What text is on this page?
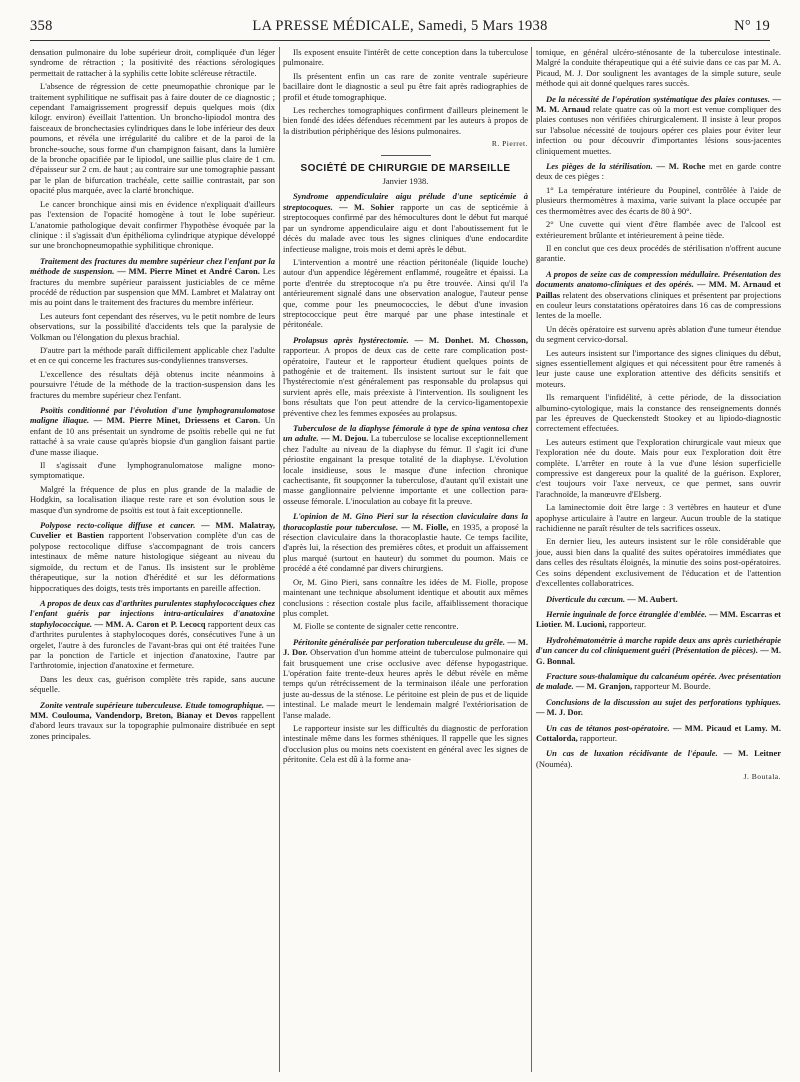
358	LA PRESSE MÉDICALE, Samedi, 5 Mars 1938	N° 19

densation pulmonaire du lobe supérieur droit, compliquée d'un léger syndrome de rétraction ; la positivité des réactions sérologiques permettait de rattacher à la syphilis cette lobite scléreuse rétractile.

L'absence de régression de cette pneumopathie chronique par le traitement syphilitique ne suffisait pas à faire douter de ce diagnostic ; cependant l'amaigrissement progressif depuis quelques mois (dix kilogr. environ) éveillait l'attention. Un broncho-lipiodol montra des faisceaux de bronchectasies cylindriques dans le lobe inférieur des deux poumons, et révéla une irrégularité du calibre et de la paroi de la bronche-souche, sous forme d'un champignon faisant, dans la lumière de la bronche opacifiée par le lipiodol, une saillie plus claire de 1 cm. d'épaisseur sur 2 cm. de haut ; au contraire sur une tomographie passant par le plan de bifurcation trachéale, cette saillie contrastait, par son opacité plus marquée, avec la clarté bronchique.

Le cancer bronchique ainsi mis en évidence n'expliquait d'ailleurs pas l'extension de l'opacité homogène à tout le lobe supérieur. L'anatomie pathologique devait confirmer l'hypothèse évoquée par la clinique : il s'agissait d'un épithélioma cylindrique atypique développé sur une bronchopneumopathie syphilitique chronique.

Traitement des fractures du membre supérieur chez l'enfant par la méthode de suspension. — MM. Pierre Minet et André Caron. Les fractures du membre supérieur paraissent justiciables de ce même procédé de réduction par suspension que MM. Lambret et Malatray ont mis au point dans le traitement des fractures du membre inférieur.

Les auteurs font cependant des réserves, vu le petit nombre de leurs observations, sur la possibilité d'accidents tels que la paralysie de Volkman ou l'élongation du plexus brachial.

D'autre part la méthode paraît difficilement applicable chez l'adulte et en ce qui concerne les fractures sus-condyliennes transverses.

L'excellence des résultats déjà obtenus incite néanmoins à poursuivre l'étude de la méthode de la traction-suspension dans les fractures du membre supérieur chez l'enfant.

Psoïtis conditionné par l'évolution d'une lymphogranulomatose maligne iliaque. — MM. Pierre Minet, Driessens et Caron. Un enfant de 10 ans présentait un syndrome de psoïtis rebelle qui ne fut rattaché à sa vraie cause qu'après biopsie d'un ganglion faisant partie d'une masse iliaque.

Il s'agissait d'une lymphogranulomatose maligne mono-symptomatique.

Malgré la fréquence de plus en plus grande de la maladie de Hodgkin, sa localisation iliaque reste rare et son évolution sous le masque d'un syndrome de psoïtis est tout à fait exceptionnelle.

Polypose recto-colique diffuse et cancer. — MM. Malatray, Cuvelier et Bastien rapportent l'observation complète d'un cas de polypose rectocolique diffuse s'accompagnant de trois cancers intestinaux de même nature histologique siégeant au niveau du sigmoïde, du rectum et de l'anus. Ils insistent sur le problème thérapeutique, sur la notion d'hérédité et sur les déformations hippocratiques des doigts, tests très importants en pareille affection.

A propos de deux cas d'arthrites purulentes staphylococciques chez l'enfant guéris par injections intra-articulaires d'anatoxine staphylococcique. — MM. A. Caron et P. Lecocq rapportent deux cas d'arthrites purulentes à staphylocoques dorés, consécutives l'une à un orgelet, l'autre à des furoncles de l'avant-bras qui ont été traitées l'une par la ponction de l'article et injection d'anatoxine, l'autre par l'arthrotomie, injection d'anatoxine et fermeture.

Dans les deux cas, guérison complète très rapide, sans aucune séquelle.

Zonite ventrale supérieure tuberculeuse. Etude tomographique. — MM. Couloumа, Vandendorp, Breton, Bianay et Devos rappellent d'abord leurs travaux sur la topographie pulmonaire distribuée en sept zones principales.

Ils exposent ensuite l'intérêt de cette conception dans la tuberculose pulmonaire.

Ils présentent enfin un cas rare de zonite ventrale supérieure bacillaire dont le diagnostic a seul pu être fait après radiographies de profil et étude tomographique.

Les recherches tomographiques confirment d'ailleurs pleinement le bien fondé des idées défendues récemment par les auteurs à propos de la distribution périphérique des lésions pulmonaires.

R. Pierret.
SOCIÉTÉ DE CHIRURGIE DE MARSEILLE
Janvier 1938.

Syndrome appendiculaire aigu prélude d'une septicémie à streptocoques. — M. Sohier rapporte un cas de septicémie à streptocoques confirmé par des hémocultures dont le début fut marqué par un syndrome appendiculaire aigu et dont l'aboutissement fut le décès du malade avec tous les signes cliniques d'une endocardite infectieuse maligne, trois mois et demi après le début.

L'intervention a montré une réaction péritonéale (liquide louche) autour d'un appendice légèrement enflammé, rougeâtre et épaissi. La porte d'entrée du streptocoque n'a pu être trouvée. Ainsi qu'il l'a antérieurement signalé dans une observation analogue, l'auteur pense que, comme pour les pneumococcies, le début d'une invasion streptococcique peut être marqué par une phase intestinale et péritonéale.

Prolapsus après hystérectomie. — M. Donhet. M. Chosson, rapporteur. A propos de deux cas de cette rare complication post-opératoire, l'auteur et le rapporteur étudient quelques points de pathogénie et de traitement. Ils insistent surtout sur le fait que l'hystérectomie n'est généralement pas responsable du prolapsus qui survient après elle, mais préexiste à l'intervention. Ils soulignent les bons résultats que l'on peut attendre de la cervico-ligamentopexie préventive chez les femmes exposées au prolapsus.

Tuberculose de la diaphyse fémorale à type de spina ventosa chez un adulte. — M. Dejou. La tuberculose se localise exceptionnellement chez l'adulte au niveau de la diaphyse du fémur. Il s'agit ici d'une périostite engainant la presque totalité de la diaphyse. L'évolution locale insidieuse, sous le masque d'une infection chronique cachectisante, fit soupçonner la tuberculose, d'autant qu'il existait une masse ganglionnaire pelvienne importante et une collection para-osseuse fémorale. L'inoculation au cobaye fit la preuve.

L'opinion de M. Gino Pieri sur la résection claviculaire dans la thoracoplastie pour tuberculose. — M. Fiolle, en 1935, a proposé la résection claviculaire dans la thoracoplastie haute. Ce temps facilite, d'après lui, la résection des premières côtes, et produit un affaissement plus marqué (surtout en hauteur) du sommet du poumon. Mais ce procédé a été condamné par divers chirurgiens.

Or, M. Gino Pieri, sans connaître les idées de M. Fiolle, propose maintenant une technique absolument identique et aboutit aux mêmes conclusions : résection costale plus facile, affaiblissement thoracique plus complet.

M. Fiolle se contente de signaler cette rencontre.

Péritonite généralisée par perforation tuberculeuse du grêle. — M. J. Dor. Observation d'un homme atteint de tuberculose pulmonaire qui fait brusquement une crise occlusive avec défense hypogastrique. L'opération faite trente-deux heures après le début révèle en même temps qu'un rétrécissement de la terminaison iléale une perforation juste au-dessus de la sténose. Le péritoine est plein de pus et de liquide intestinal. Le malade meurt le lendemain malgré l'extériorisation de l'anse malade.

Le rapporteur insiste sur les difficultés du diagnostic de perforation intestinale même dans les formes sthéniques. Il rappelle que les signes d'occlusion plus ou moins nets coexistent en général avec les signes de péritonite. Cela est dû à la forme ana-

tomique, en général ulcéro-sténosante de la tuberculose intestinale. Malgré la conduite thérapeutique qui a été suivie dans ce cas par M. A. Picaud, M. J. Dor soulignent les avantages de la simple suture, seule méthode qui ait donné quelques rares succès.

De la nécessité de l'opération systématique des plaies contuses. — M. M. Arnaud relate quatre cas où la mort est venue compliquer des plaies contuses non vérifiées chirurgicalement. Il insiste à leur propos sur l'absolue nécessité de toujours opérer ces plaies pour éviter leur infection ou pour découvrir d'importantes lésions sous-jacentes cliniquement muettes.

Les pièges de la stérilisation. — M. Roche met en garde contre deux de ces pièges :

1° La température intérieure du Poupinel, contrôlée à l'aide de plusieurs thermomètres à maxima, varie suivant la place occupée par ces thermomètres avec des écarts de 80 à 90°.

2° Une cuvette qui vient d'être flambée avec de l'alcool est extérieurement brûlante et intérieurement à peine tiède.

Il en conclut que ces deux procédés de stérilisation n'offrent aucune garantie.

A propos de seize cas de compression médullaire. Présentation des documents anatomo-cliniques et des opérés. — MM. M. Arnaud et Paillas relatent des observations cliniques et présentent par projections en couleur leurs constatations opératoires dans 16 cas de compressions lentes de la moelle.

Un décès opératoire est survenu après ablation d'une tumeur étendue du segment cervico-dorsal.

Les auteurs insistent sur l'importance des signes cliniques du début, signes essentiellement algiques et qui nécessitent pour être ramenés à leur juste cause une exploration attentive des déficits sensitifs et moteurs.

Ils remarquent l'infidélité, à cette période, de la dissociation albumino-cytologique, mais la constance des renseignements donnés par les épreuves de Queckenstedt Stookey et au lipiodo-diagnostic correctement effectuées.

Les auteurs estiment que l'exploration chirurgicale vaut mieux que l'exploration née du doute. Mais pour eux l'exploration doit être complète. L'arrêter en route à la vue d'une lésion superficielle compressive est dangereux pour la qualité de la guérison. Explorer, c'est toujours voir l'axe nerveux, ce que permet, sans ouvrir l'arachnoïde, la manœuvre d'Elsberg.

La laminectomie doit être large : 3 vertèbres en hauteur et d'une apophyse articulaire à l'autre en largeur. Aucun trouble de la statique rachidienne ne paraît résulter de tels sacrifices osseux.

En dernier lieu, les auteurs insistent sur le rôle considérable que joue, aussi bien dans la qualité des suites opératoires immédiates que dans celles des résultats éloignés, la minutie des soins post-opératoires. Ces soins dépendent exclusivement de l'éducation et de l'attention d'excellentes collaboratrices.

Diverticule du cæcum. — M. Aubert.

Hernie inguinale de force étranglée d'emblée. — MM. Escarras et Liotier. M. Lucioni, rapporteur.

Hydrohématométrie à marche rapide deux ans après curiethérapie d'un cancer du col cliniquement guéri (Présentation de pièces). — M. G. Bonnal.

Fracture sous-thalamique du calcanéum opérée. Avec présentation de malade. — M. Granjon, rapporteur M. Bourde.

Conclusions de la discussion au sujet des perforations typhiques. — M. J. Dor.

Un cas de tétanos post-opératoire. — MM. Picaud et Lamy. M. Cottalorda, rapporteur.

Un cas de luxation récidivante de l'épaule. — M. Leitner (Nouméa).

J. Boutala.
